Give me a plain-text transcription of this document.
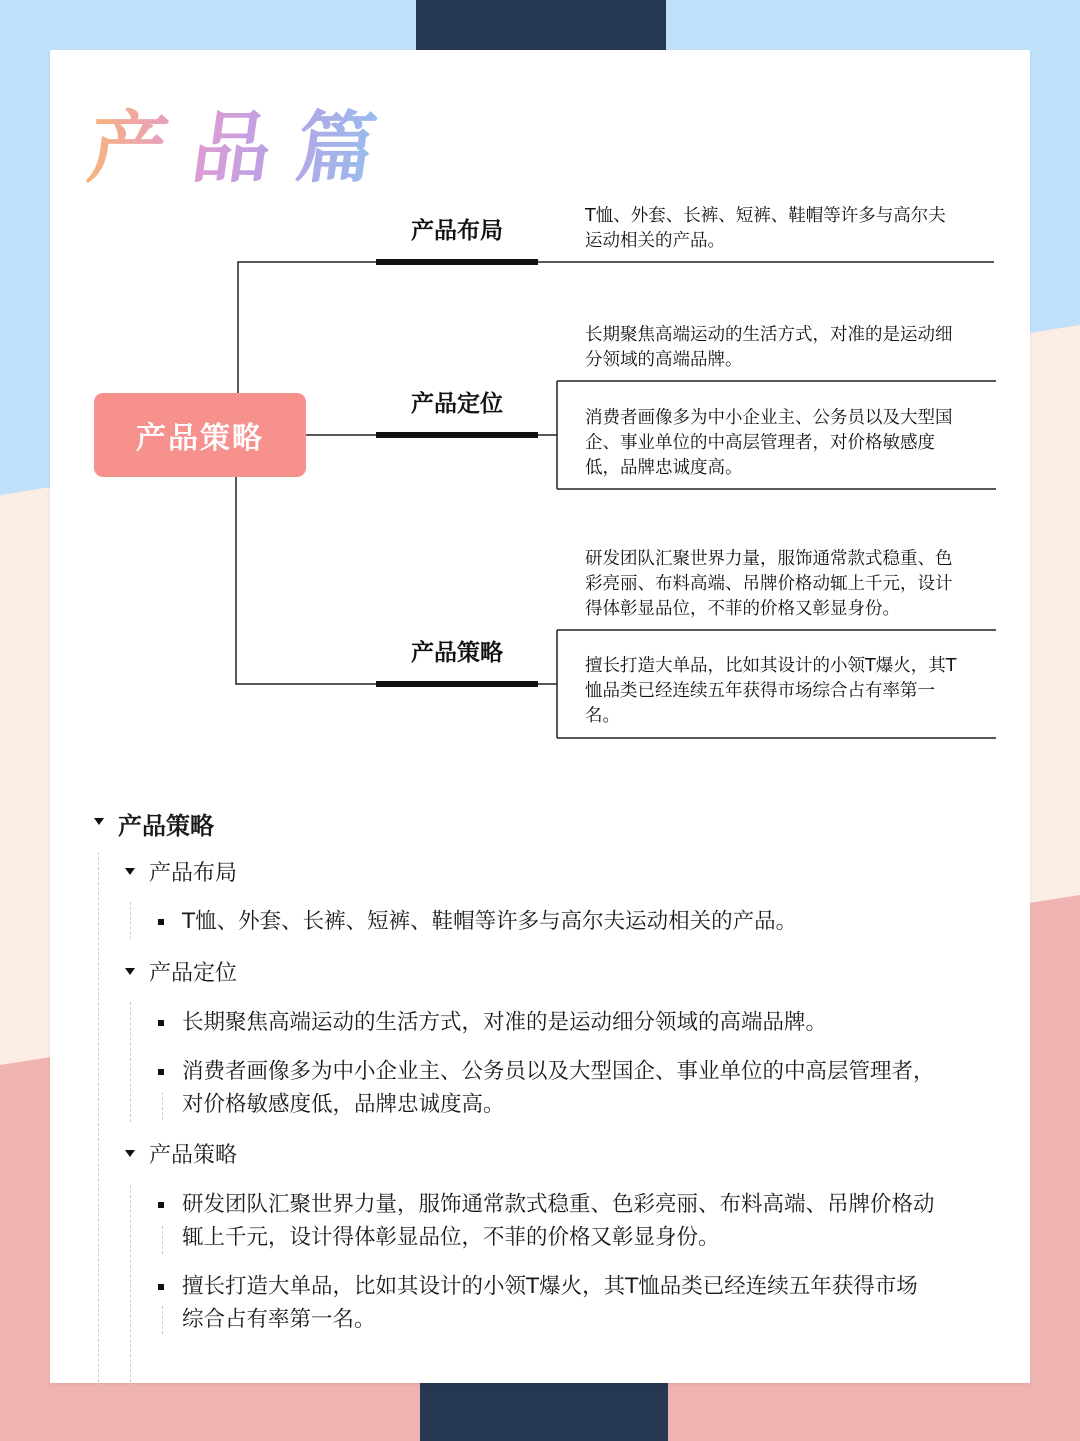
产品篇
产品策略
产品布局
产品定位
产品策略
T恤、外套、长裤、短裤、鞋帽等许多与高尔夫
运动相关的产品。
长期聚焦高端运动的生活方式，对准的是运动细
分领域的高端品牌。
消费者画像多为中小企业主、公务员以及大型国
企、事业单位的中高层管理者，对价格敏感度
低，品牌忠诚度高。
研发团队汇聚世界力量，服饰通常款式稳重、色
彩亮丽、布料高端、吊牌价格动辄上千元，设计
得体彰显品位，不菲的价格又彰显身份。
擅长打造大单品，比如其设计的小领T爆火，其T
恤品类已经连续五年获得市场综合占有率第一
名。
产品策略
产品布局
T恤、外套、长裤、短裤、鞋帽等许多与高尔夫运动相关的产品。
产品定位
长期聚焦高端运动的生活方式，对准的是运动细分领域的高端品牌。
消费者画像多为中小企业主、公务员以及大型国企、事业单位的中高层管理者，
对价格敏感度低，品牌忠诚度高。
产品策略
研发团队汇聚世界力量，服饰通常款式稳重、色彩亮丽、布料高端、吊牌价格动
辄上千元，设计得体彰显品位，不菲的价格又彰显身份。
擅长打造大单品，比如其设计的小领T爆火，其T恤品类已经连续五年获得市场
综合占有率第一名。
